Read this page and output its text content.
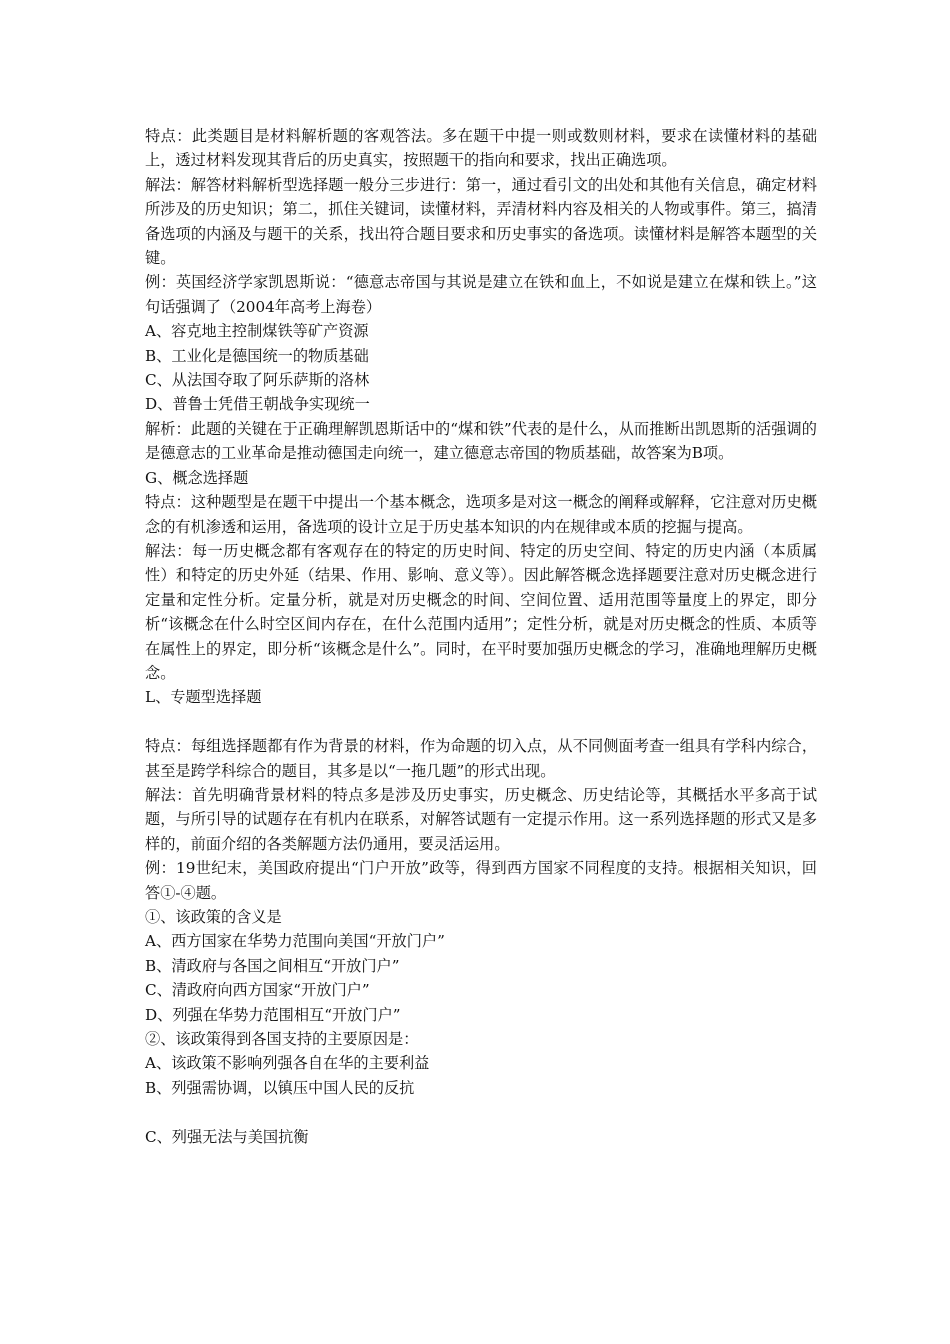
特点：此类题目是材料解析题的客观答法。多在题干中提一则或数则材料，要求在读懂材料的基础上，透过材料发现其背后的历史真实，按照题干的指向和要求，找出正确选项。

解法：解答材料解析型选择题一般分三步进行：第一，通过看引文的出处和其他有关信息，确定材料所涉及的历史知识；第二，抓住关键词，读懂材料，弄清材料内容及相关的人物或事件。第三，搞清备选项的内涵及与题干的关系，找出符合题目要求和历史事实的备选项。读懂材料是解答本题型的关键。

例：英国经济学家凯恩斯说：“德意志帝国与其说是建立在铁和血上，不如说是建立在煤和铁上。”这句话强调了（2004年高考上海卷）

A、容克地主控制煤铁等矿产资源

B、工业化是德国统一的物质基础

C、从法国夺取了阿乐萨斯的洛林

D、普鲁士凭借王朝战争实现统一

解析：此题的关键在于正确理解凯恩斯话中的“煤和铁”代表的是什么，从而推断出凯恩斯的活强调的是德意志的工业革命是推动德国走向统一，建立德意志帝国的物质基础，故答案为B项。

G、概念选择题

特点：这种题型是在题干中提出一个基本概念，选项多是对这一概念的阐释或解释，它注意对历史概念的有机渗透和运用，备选项的设计立足于历史基本知识的内在规律或本质的挖掘与提高。

解法：每一历史概念都有客观存在的特定的历史时间、特定的历史空间、特定的历史内涵（本质属性）和特定的历史外延（结果、作用、影响、意义等）。因此解答概念选择题要注意对历史概念进行定量和定性分析。定量分析，就是对历史概念的时间、空间位置、适用范围等量度上的界定，即分析“该概念在什么时空区间内存在，在什么范围内适用”；定性分析，就是对历史概念的性质、本质等在属性上的界定，即分析“该概念是什么”。同时，在平时要加强历史概念的学习，准确地理解历史概念。

L、专题型选择题

特点：每组选择题都有作为背景的材料，作为命题的切入点，从不同侧面考查一组具有学科内综合，甚至是跨学科综合的题目，其多是以“一拖几题”的形式出现。

解法：首先明确背景材料的特点多是涉及历史事实，历史概念、历史结论等，其概括水平多高于试题，与所引导的试题存在有机内在联系，对解答试题有一定提示作用。这一系列选择题的形式又是多样的，前面介绍的各类解题方法仍通用，要灵活运用。

例：19世纪末，美国政府提出“门户开放”政等，得到西方国家不同程度的支持。根据相关知识，回答①-④题。

①、该政策的含义是

A、西方国家在华势力范围向美国“开放门户”

B、清政府与各国之间相互“开放门户”

C、清政府向西方国家“开放门户”

D、列强在华势力范围相互“开放门户”

②、该政策得到各国支持的主要原因是：

A、该政策不影响列强各自在华的主要利益

B、列强需协调，以镇压中国人民的反抗

C、列强无法与美国抗衡
